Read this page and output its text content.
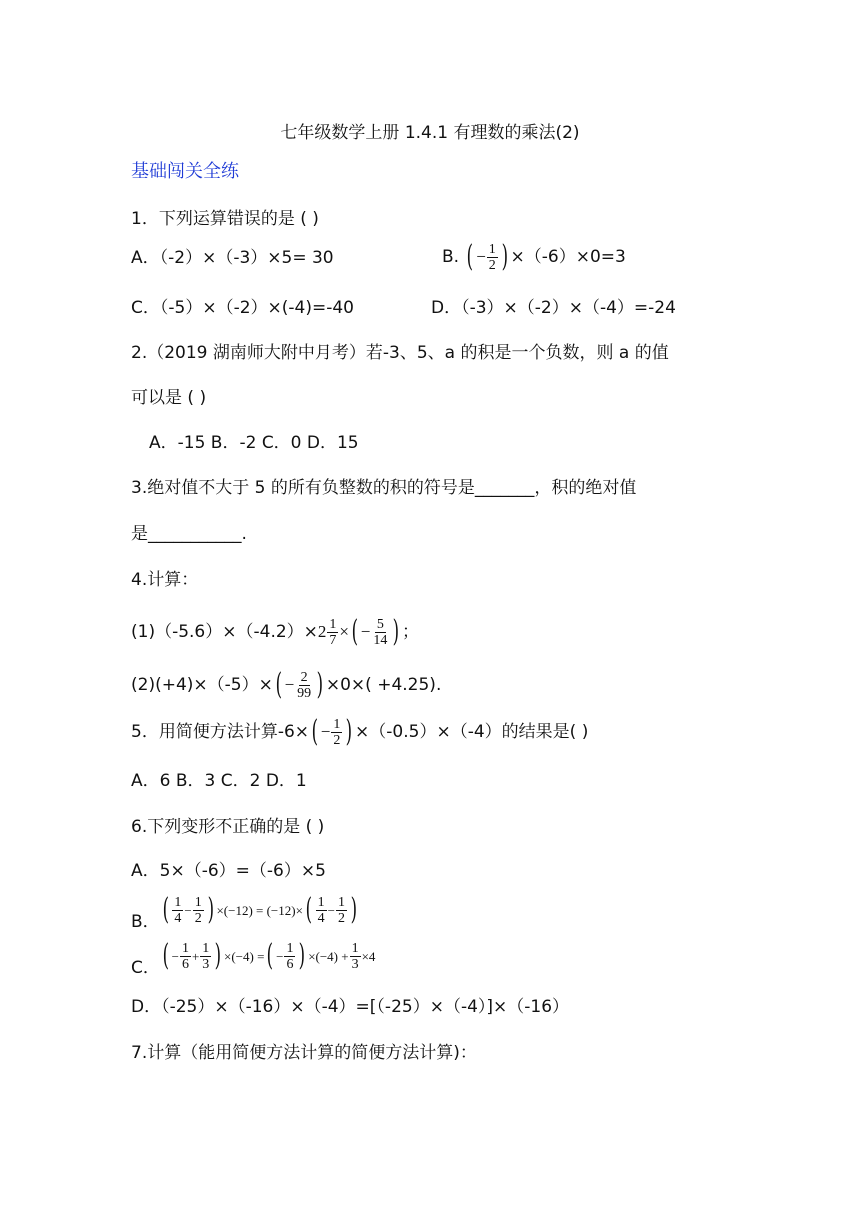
七年级数学上册 1.4.1 有理数的乘法(2)
基础闯关全练
1．下列运算错误的是 ( )
A．（-2）×（-3）×5= 30	B. ( − $\frac{1}{2}$ ) ×（-6）×0=3
C．（-5）×（-2）×(-4)=-40	D．（-3）×（-2）×（-4）=-24
2.（2019 湖南师大附中月考）若-3、5、a 的积是一个负数，则 a 的值
可以是 ( )
A．-15 B．-2 C．0 D．15
3.绝对值不大于 5 的所有负整数的积的符号是_______，积的绝对值
是___________.
4.计算：
$(1)(-5.6)\times(-4.2)\times 2 \frac{1}{7}$ ×( − $\frac{5}{14}$ ) ；
$(2)(+4)\times(-5)\times( - \frac{2}{99}$ ) ×0×( +4.25).
5．用简便方法计算$-6\times( - \frac{1}{2}$ ) ×（-0.5）×（-4）的结果是( )
A．6 B．3 C．2 D．1
6.下列变形不正确的是 ( )
A．5×（-6）=（-6）×5
B．( $\frac{1}{4} - \frac{1}{2}$ ) $\times(-12) = (-12)\times( \frac{1}{4} - \frac{1}{2}$ )
C．( − $\frac{1}{6} + \frac{1}{3}$ ) ×(−4) =( − $\frac{1}{6}$ ) $\times(-4) + \frac{1}{3} \times 4$
D．（-25）×（-16）×（-4）=[（-25）×（-4）]×（-16）
7.计算（能用简便方法计算的简便方法计算)：
